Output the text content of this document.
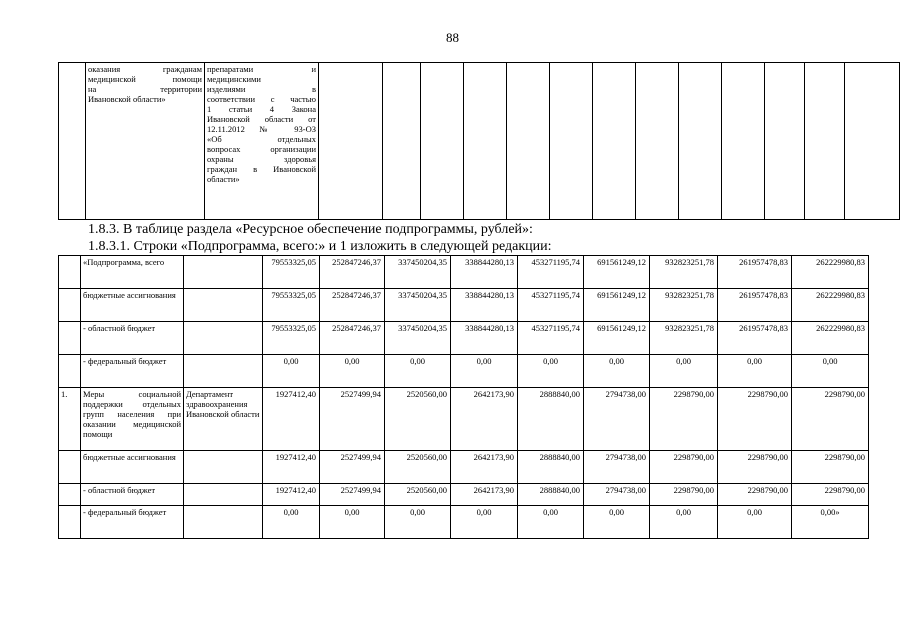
88

оказания гражданам
медицинской помощи
на территории
Ивановской области»

препаратами и
медицинскими
изделиями в
соответствии с частью
1 статьи 4 Закона
Ивановской области от
12.11.2012 № 93-ОЗ
«Об отдельных
вопросах организации
охраны здоровья
граждан в Ивановской
области»

1.8.3. В таблице раздела «Ресурсное обеспечение подпрограммы, рублей»:
1.8.3.1. Строки «Подпрограмма, всего:» и 1 изложить в следующей редакции:
	«Подпрограмма, всего		79553325,05	252847246,37	337450204,35	338844280,13	453271195,74	691561249,12	932823251,78	261957478,83	262229980,83
	бюджетные ассигнования		79553325,05	252847246,37	337450204,35	338844280,13	453271195,74	691561249,12	932823251,78	261957478,83	262229980,83
	- областной бюджет		79553325,05	252847246,37	337450204,35	338844280,13	453271195,74	691561249,12	932823251,78	261957478,83	262229980,83
	- федеральный бюджет		0,00	0,00	0,00	0,00	0,00	0,00	0,00	0,00	0,00
1.	Меры социальной поддержки отдельных групп населения при оказании медицинской помощи	Департамент здравоохранения Ивановской области	1927412,40	2527499,94	2520560,00	2642173,90	2888840,00	2794738,00	2298790,00	2298790,00	2298790,00
	бюджетные ассигнования		1927412,40	2527499,94	2520560,00	2642173,90	2888840,00	2794738,00	2298790,00	2298790,00	2298790,00
	- областной бюджет		1927412,40	2527499,94	2520560,00	2642173,90	2888840,00	2794738,00	2298790,00	2298790,00	2298790,00
	- федеральный бюджет		0,00	0,00	0,00	0,00	0,00	0,00	0,00	0,00	0,00»
